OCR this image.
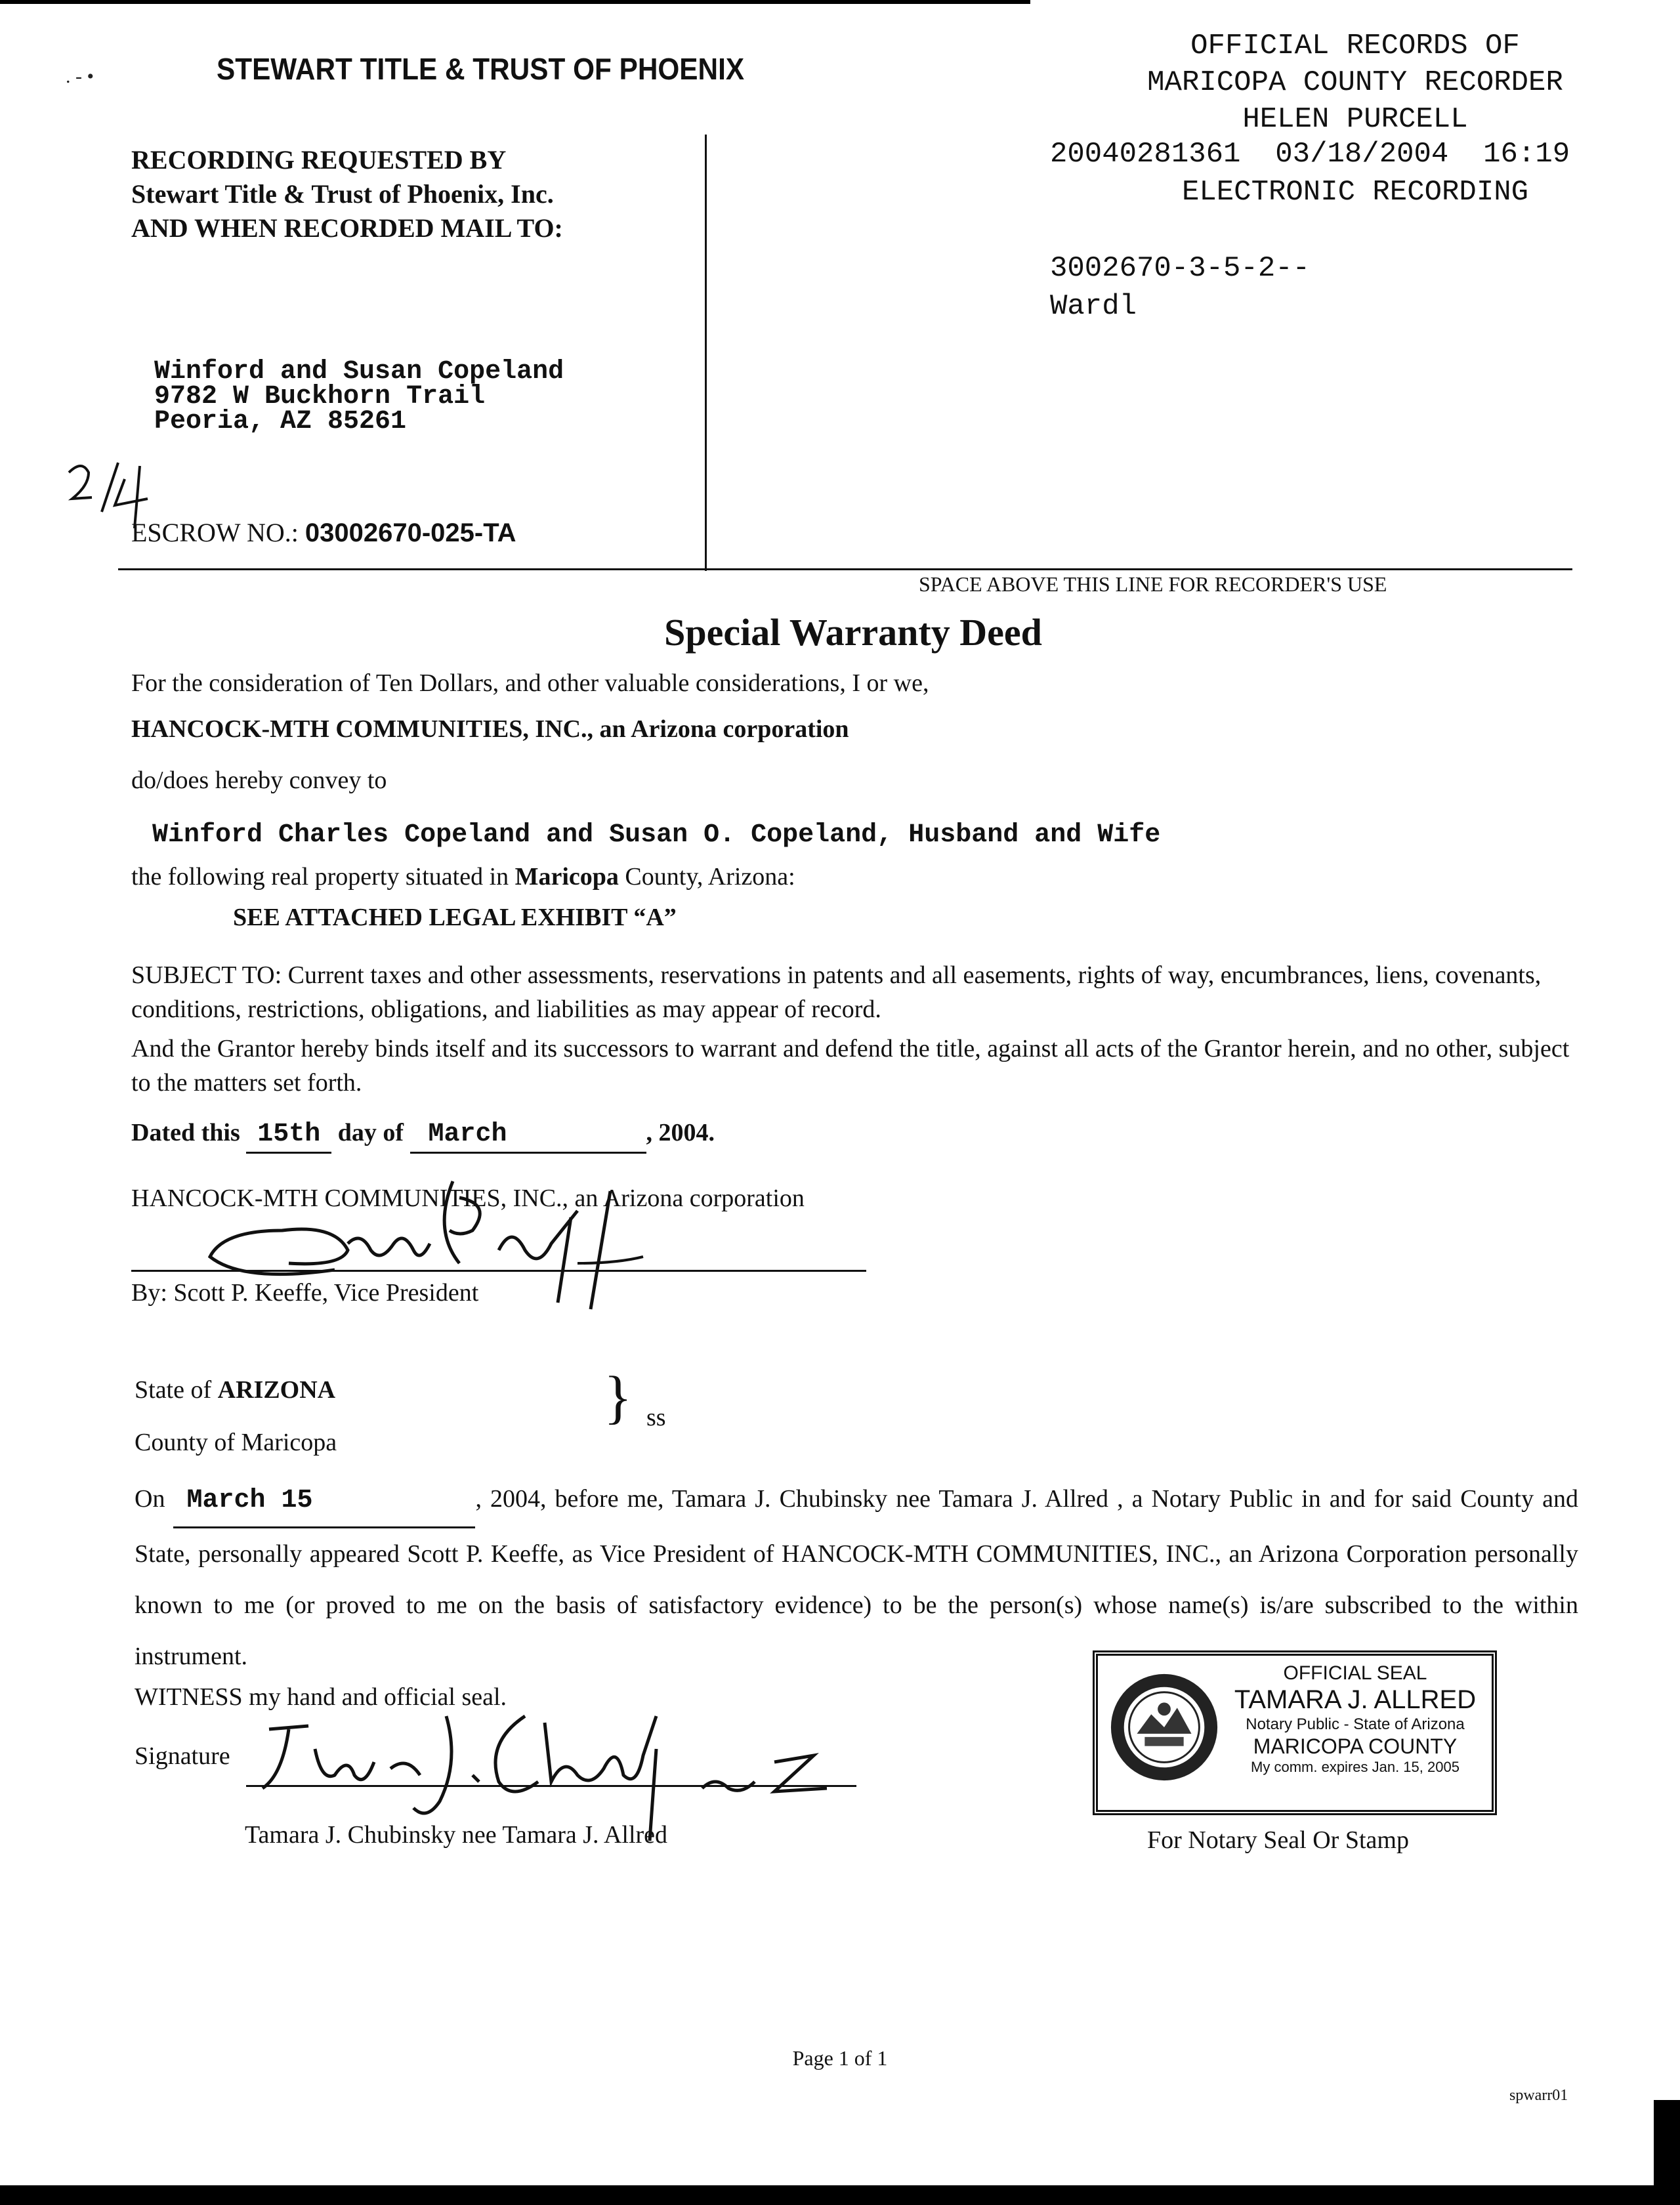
. - •	STEWART TITLE & TRUST OF PHOENIX
OFFICIAL RECORDS OF
MARICOPA COUNTY RECORDER
HELEN PURCELL
20040281361 03/18/2004 16:19
ELECTRONIC RECORDING
3002670-3-5-2--
Wardl
RECORDING REQUESTED BY
Stewart Title & Trust of Phoenix, Inc.
AND WHEN RECORDED MAIL TO:
Winford and Susan Copeland
9782 W Buckhorn Trail
Peoria, AZ 85261
ESCROW NO.: 03002670-025-TA
SPACE ABOVE THIS LINE FOR RECORDER'S USE
Special Warranty Deed
For the consideration of Ten Dollars, and other valuable considerations, I or we,
HANCOCK-MTH COMMUNITIES, INC., an Arizona corporation
do/does hereby convey to
Winford Charles Copeland and Susan O. Copeland, Husband and Wife
the following real property situated in Maricopa County, Arizona:
SEE ATTACHED LEGAL EXHIBIT “A”
SUBJECT TO: Current taxes and other assessments, reservations in patents and all easements, rights of way, encumbrances, liens, covenants, conditions, restrictions, obligations, and liabilities as may appear of record.
And the Grantor hereby binds itself and its successors to warrant and defend the title, against all acts of the Grantor herein, and no other, subject to the matters set forth.
Dated this 15th day of March	, 2004.
HANCOCK-MTH COMMUNITIES, INC., an Arizona corporation
By: Scott P. Keeffe, Vice President
State of ARIZONA
County of Maricopa
} ss
On March 15	, 2004, before me, Tamara J. Chubinsky nee Tamara J. Allred , a Notary Public in and for said County and State, personally appeared Scott P. Keeffe, as Vice President of HANCOCK-MTH COMMUNITIES, INC., an Arizona Corporation personally known to me (or proved to me on the basis of satisfactory evidence) to be the person(s) whose name(s) is/are subscribed to the within instrument.
WITNESS my hand and official seal.
Signature
Tamara J. Chubinsky nee Tamara J. Allred
OFFICIAL SEAL
TAMARA J. ALLRED
Notary Public - State of Arizona
MARICOPA COUNTY
My comm. expires Jan. 15, 2005
For Notary Seal Or Stamp
Page 1 of 1
spwarr01
